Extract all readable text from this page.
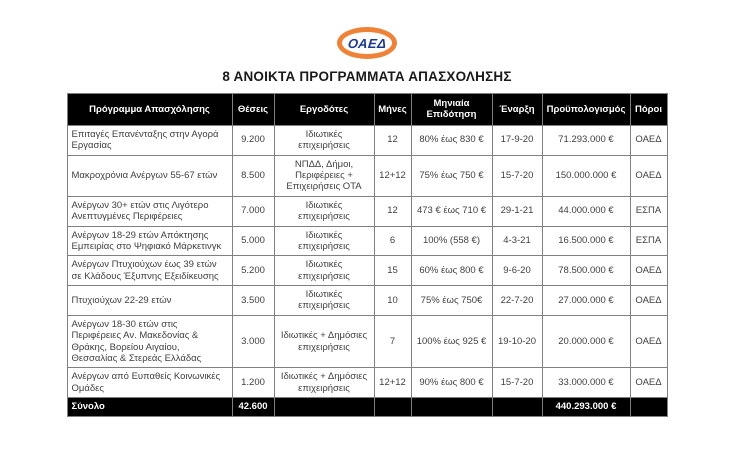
ΟΑΕΔ
8 ΑΝΟΙΚΤΑ ΠΡΟΓΡΑΜΜΑΤΑ ΑΠΑΣΧΟΛΗΣΗΣ
Πρόγραμμα Απασχόλησης	Θέσεις	Εργοδότες	Μήνες	Μηνιαία Επιδότηση	Έναρξη	Προϋπολογισμός	Πόροι
Επιταγές Επανένταξης στην Αγορά Εργασίας	9.200	Ιδιωτικές επιχειρήσεις	12	80% έως 830 €	17-9-20	71.293.000 €	ΟΑΕΔ
Μακροχρόνια Ανέργων 55-67 ετών	8.500	ΝΠΔΔ, Δήμοι, Περιφέρειες + Επιχειρήσεις ΟΤΑ	12+12	75% έως 750 €	15-7-20	150.000.000 €	ΟΑΕΔ
Ανέργων 30+ ετών στις Λιγότερο Ανεπτυγμένες Περιφέρειες	7.000	Ιδιωτικές επιχειρήσεις	12	473 € έως 710 €	29-1-21	44.000.000 €	ΕΣΠΑ
Ανέργων 18-29 ετών Απόκτησης Εμπειρίας στο Ψηφιακό Μάρκετινγκ	5.000	Ιδιωτικές επιχειρήσεις	6	100% (558 €)	4-3-21	16.500.000 €	ΕΣΠΑ
Ανέργων Πτυχιούχων έως 39 ετών σε Κλάδους Έξυπνης Εξειδίκευσης	5.200	Ιδιωτικές επιχειρήσεις	15	60% έως 800 €	9-6-20	78.500.000 €	ΟΑΕΔ
Πτυχιούχων 22-29 ετών	3.500	Ιδιωτικές επιχειρήσεις	10	75% έως 750€	22-7-20	27.000.000 €	ΟΑΕΔ
Ανέργων 18-30 ετών στις Περιφέρειες Αν. Μακεδονίας & Θράκης, Βορείου Αιγαίου, Θεσσαλίας & Στερεάς Ελλάδας	3.000	Ιδιωτικές + Δημόσιες επιχειρήσεις	7	100% έως 925 €	19-10-20	20.000.000 €	ΟΑΕΔ
Ανέργων από Ευπαθείς Κοινωνικές Ομάδες	1.200	Ιδιωτικές + Δημόσιες επιχειρήσεις	12+12	90% έως 800 €	15-7-20	33.000.000 €	ΟΑΕΔ
Σύνολο	42.600					440.293.000 €	
